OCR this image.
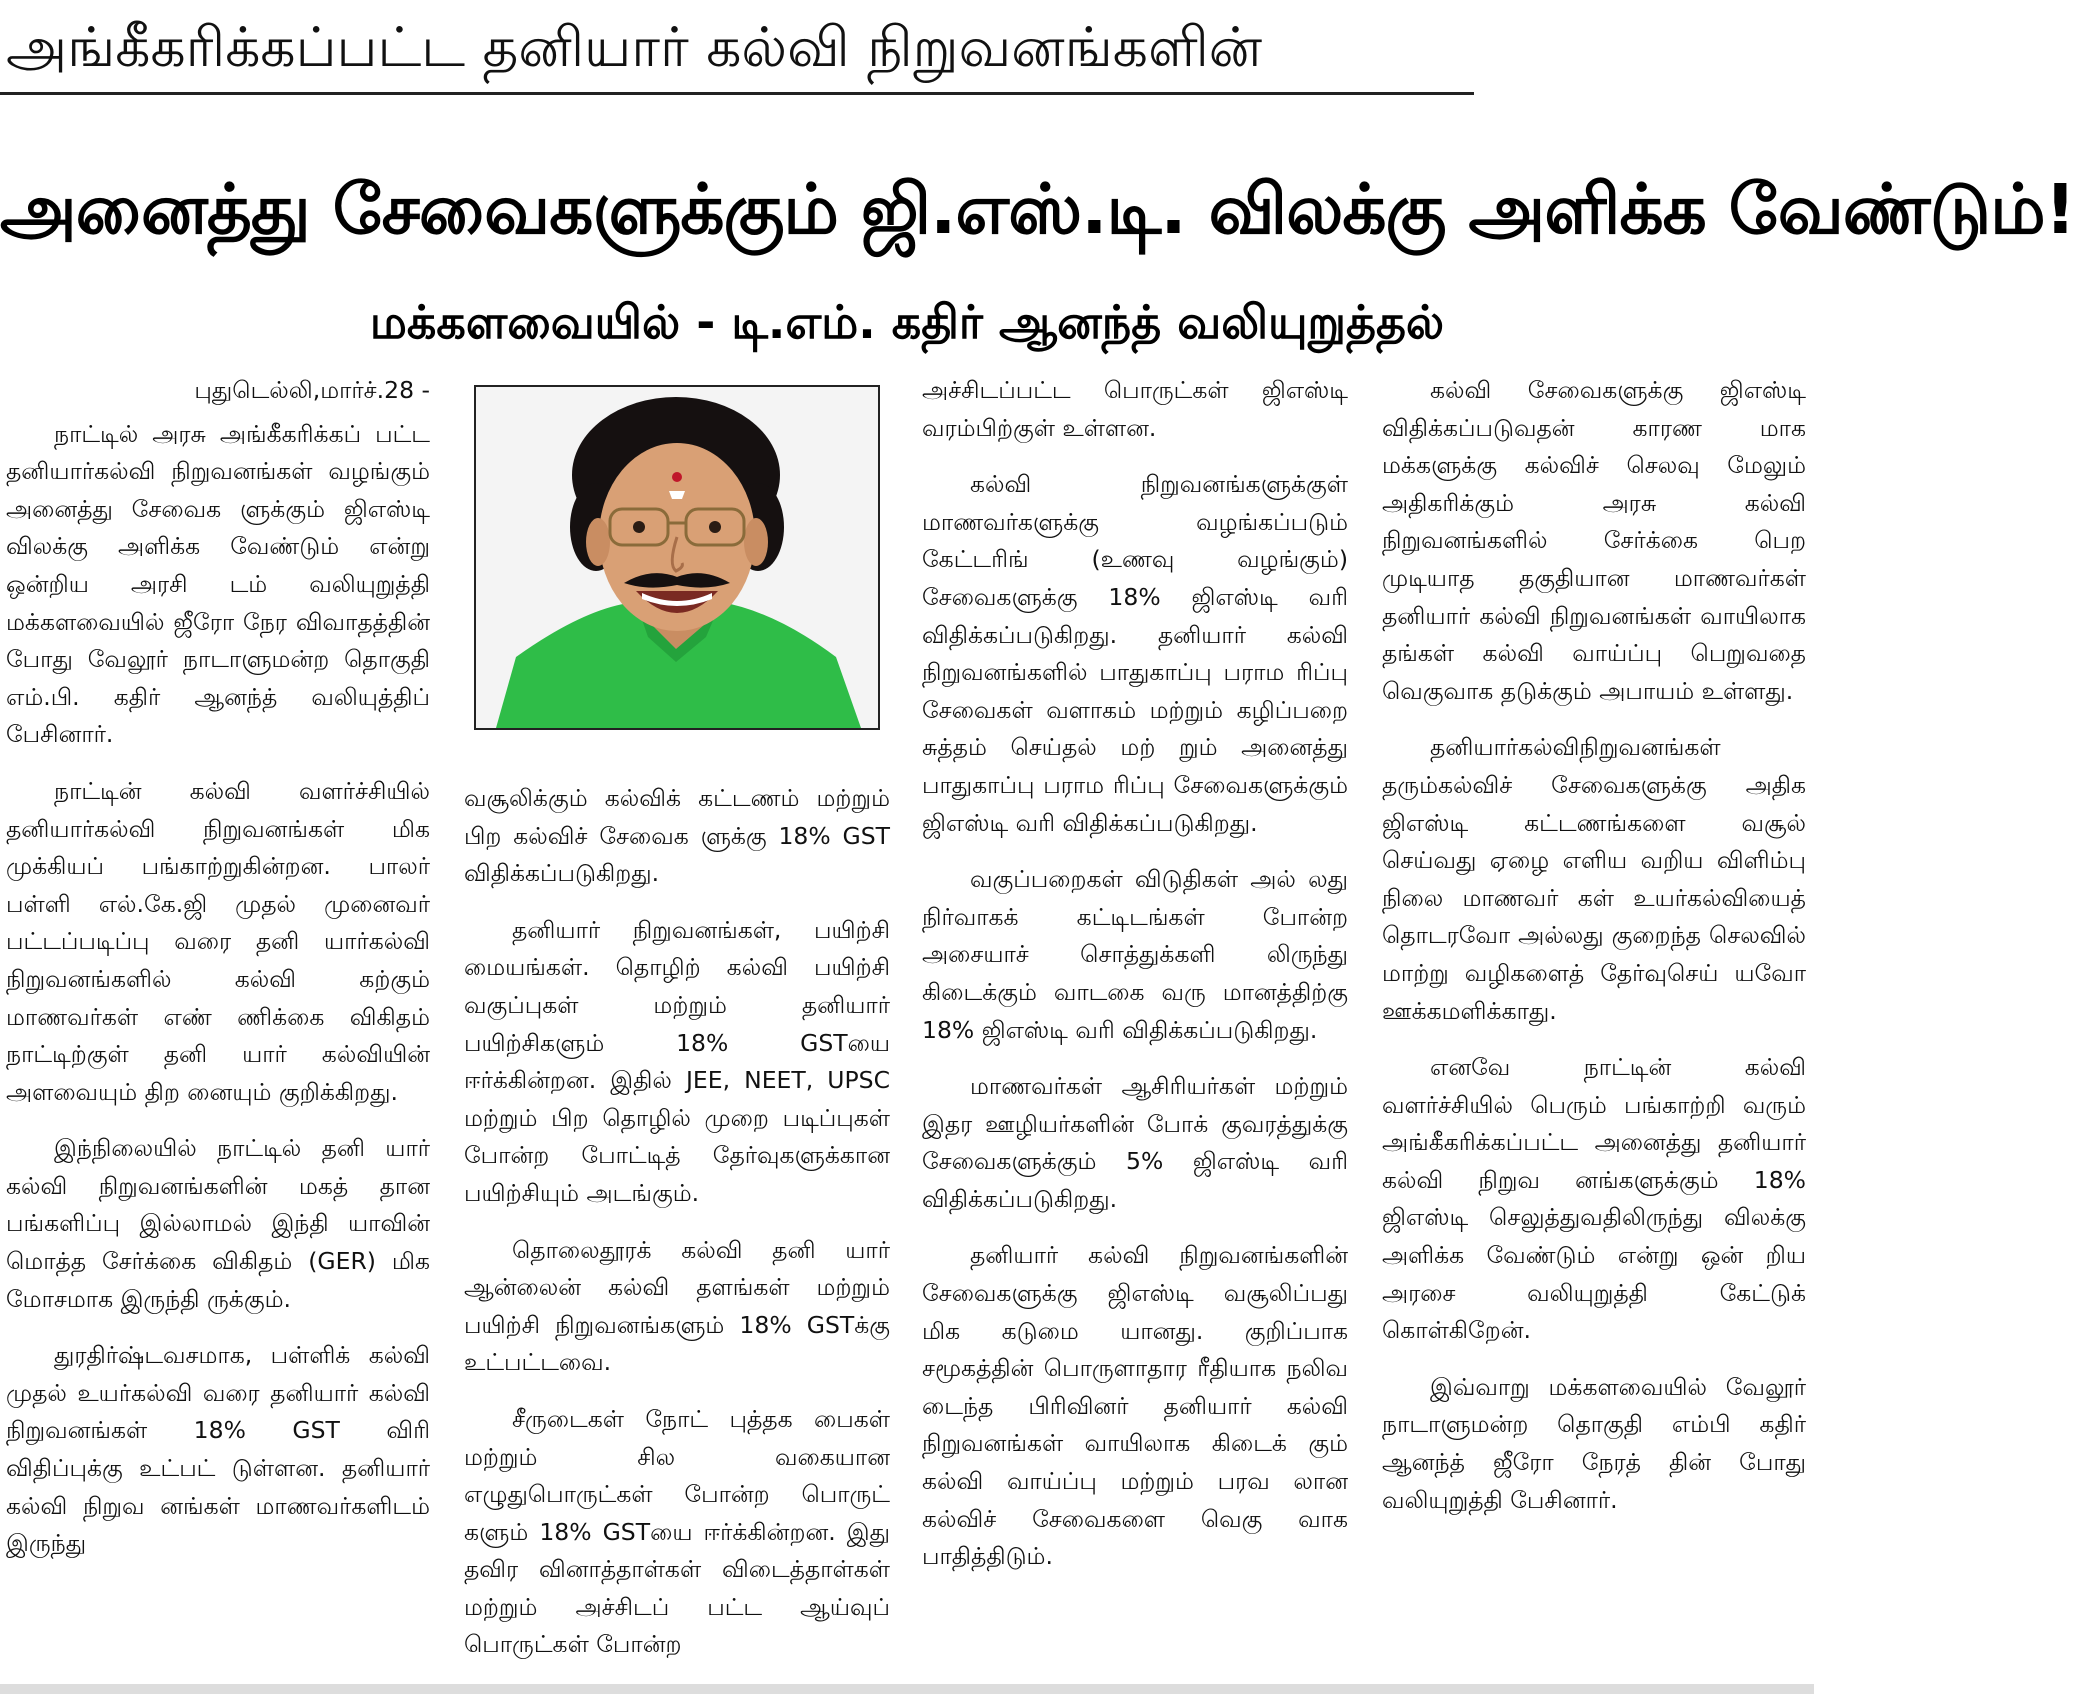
அங்கீகரிக்கப்பட்ட தனியார் கல்வி நிறுவனங்களின்
அனைத்து சேவைகளுக்கும் ஜி.எஸ்.டி. விலக்கு அளிக்க வேண்டும்!
மக்களவையில் - டி.எம். கதிர் ஆனந்த் வலியுறுத்தல்

புதுடெல்லி,மார்ச்.28 -

நாட்டில் அரசு அங்கீகரிக்கப் பட்ட தனியார்கல்வி நிறுவனங்கள் வழங்கும் அனைத்து சேவைக ளுக்கும் ஜிஎஸ்டி விலக்கு அளிக்க வேண்டும் என்று ஒன்றிய அரசி டம் வலியுறுத்தி மக்களவையில் ஜீரோ நேர விவாதத்தின் போது வேலூர் நாடாளுமன்ற தொகுதி எம்.பி. கதிர் ஆனந்த் வலியுத்திப் பேசினார்.

நாட்டின் கல்வி வளர்ச்சியில் தனியார்கல்வி நிறுவனங்கள் மிக முக்கியப் பங்காற்றுகின்றன. பாலர் பள்ளி எல்.கே.ஜி முதல் முனைவர் பட்டப்படிப்பு வரை தனி யார்கல்வி நிறுவனங்களில் கல்வி கற்கும் மாணவர்கள் எண் ணிக்கை விகிதம் நாட்டிற்குள் தனி யார் கல்வியின் அளவையும் திற னையும் குறிக்கிறது.

இந்நிலையில் நாட்டில் தனி யார் கல்வி நிறுவனங்களின் மகத் தான பங்களிப்பு இல்லாமல் இந்தி யாவின் மொத்த சேர்க்கை விகிதம் (GER) மிக மோசமாக இருந்தி ருக்கும்.

துரதிர்ஷ்டவசமாக, பள்ளிக் கல்வி முதல் உயர்கல்வி வரை தனியார் கல்வி நிறுவனங்கள் 18% GST விரி விதிப்புக்கு உட்பட் டுள்ளன. தனியார் கல்வி நிறுவ னங்கள் மாணவர்களிடம் இருந்து

வசூலிக்கும் கல்விக் கட்டணம் மற்றும் பிற கல்விச் சேவைக ளுக்கு 18% GST விதிக்கப்படுகிறது.

தனியார் நிறுவனங்கள், பயிற்சி மையங்கள். தொழிற் கல்வி பயிற்சி வகுப்புகள் மற்றும் தனியார் பயிற்சிகளும் 18% GSTயை ஈர்க்கின்றன. இதில் JEE, NEET, UPSC மற்றும் பிற தொழில் முறை படிப்புகள் போன்ற போட்டித் தேர்வுகளுக்கான பயிற்சியும் அடங்கும்.

தொலைதூரக் கல்வி தனி யார் ஆன்லைன் கல்வி தளங்கள் மற்றும் பயிற்சி நிறுவனங்களும் 18% GSTக்கு உட்பட்டவை.

சீருடைகள் நோட் புத்தக பைகள் மற்றும் சில வகையான எழுதுபொருட்கள் போன்ற பொருட் களும் 18% GSTயை ஈர்க்கின்றன. இது தவிர வினாத்தாள்கள் விடைத்தாள்கள் மற்றும் அச்சிடப் பட்ட ஆய்வுப் பொருட்கள் போன்ற

அச்சிடப்பட்ட பொருட்கள் ஜிஎஸ்டி வரம்பிற்குள் உள்ளன.

கல்வி நிறுவனங்களுக்குள் மாணவர்களுக்கு வழங்கப்படும் கேட்டரிங் (உணவு வழங்கும்) சேவைகளுக்கு 18% ஜிஎஸ்டி வரி விதிக்கப்படுகிறது. தனியார் கல்வி நிறுவனங்களில் பாதுகாப்பு பராம ரிப்பு சேவைகள் வளாகம் மற்றும் கழிப்பறை சுத்தம் செய்தல் மற் றும் அனைத்து பாதுகாப்பு பராம ரிப்பு சேவைகளுக்கும் ஜிஎஸ்டி வரி விதிக்கப்படுகிறது.

வகுப்பறைகள் விடுதிகள் அல் லது நிர்வாகக் கட்டிடங்கள் போன்ற அசையாச் சொத்துக்களி லிருந்து கிடைக்கும் வாடகை வரு மானத்திற்கு 18% ஜிஎஸ்டி வரி விதிக்கப்படுகிறது.

மாணவர்கள் ஆசிரியர்கள் மற்றும் இதர ஊழியர்களின் போக் குவரத்துக்கு சேவைகளுக்கும் 5% ஜிஎஸ்டி வரி விதிக்கப்படுகிறது.

தனியார் கல்வி நிறுவனங்களின் சேவைகளுக்கு ஜிஎஸ்டி வசூலிப்பது மிக கடுமை யானது. குறிப்பாக சமூகத்தின் பொருளாதார ரீதியாக நலிவ டைந்த பிரிவினர் தனியார் கல்வி நிறுவனங்கள் வாயிலாக கிடைக் கும் கல்வி வாய்ப்பு மற்றும் பரவ லான கல்விச் சேவைகளை வெகு வாக பாதித்திடும்.

கல்வி சேவைகளுக்கு ஜிஎஸ்டி விதிக்கப்படுவதன் காரண மாக மக்களுக்கு கல்விச் செலவு மேலும் அதிகரிக்கும் அரசு கல்வி நிறுவனங்களில் சேர்க்கை பெற முடியாத தகுதியான மாணவர்கள் தனியார் கல்வி நிறுவனங்கள் வாயிலாக தங்கள் கல்வி வாய்ப்பு பெறுவதை வெகுவாக தடுக்கும் அபாயம் உள்ளது.

தனியார்கல்விநிறுவனங்கள் தரும்கல்விச் சேவைகளுக்கு அதிக ஜிஎஸ்டி கட்டணங்களை வசூல் செய்வது ஏழை எளிய வறிய விளிம்பு நிலை மாணவர் கள் உயர்கல்வியைத் தொடரவோ அல்லது குறைந்த செலவில் மாற்று வழிகளைத் தேர்வுசெய் யவோ ஊக்கமளிக்காது.

எனவே நாட்டின் கல்வி வளர்ச்சியில் பெரும் பங்காற்றி வரும் அங்கீகரிக்கப்பட்ட அனைத்து தனியார் கல்வி நிறுவ னங்களுக்கும் 18% ஜிஎஸ்டி செலுத்துவதிலிருந்து விலக்கு அளிக்க வேண்டும் என்று ஒன் றிய அரசை வலியுறுத்தி கேட்டுக் கொள்கிறேன்.

இவ்வாறு மக்களவையில் வேலூர் நாடாளுமன்ற தொகுதி எம்பி கதிர் ஆனந்த் ஜீரோ நேரத் தின் போது வலியுறுத்தி பேசினார்.
